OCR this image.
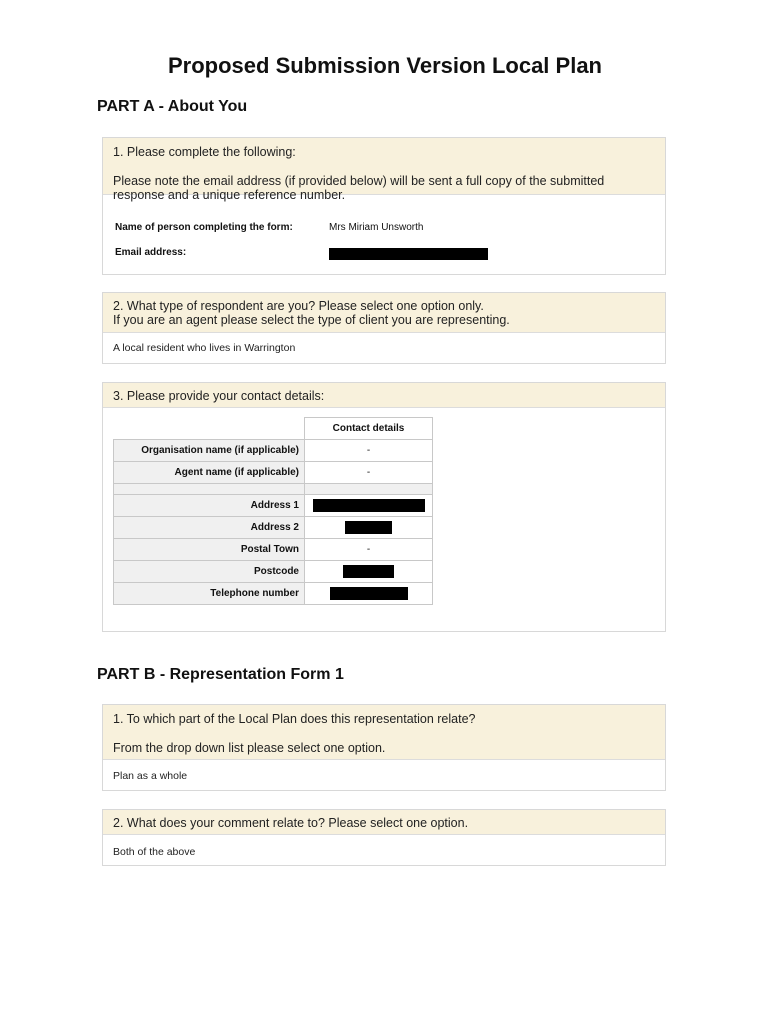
Proposed Submission Version Local Plan
PART A - About You

1. Please complete the following:

Please note the email address (if provided below) will be sent a full copy of the submitted response and a unique reference number.

Name of person completing the form:	Mrs Miriam Unsworth
Email address:

2. What type of respondent are you? Please select one option only.

If you are an agent please select the type of client you are representing.

A local resident who lives in Warrington

3. Please provide your contact details:

	Contact details
Organisation name (if applicable)	-
Agent name (if applicable)	-

Address 1	
Address 2	
Postal Town	-
Postcode	
Telephone number	
PART B - Representation Form 1

1. To which part of the Local Plan does this representation relate?

From the drop down list please select one option.

Plan as a whole

2. What does your comment relate to? Please select one option.

Both of the above
